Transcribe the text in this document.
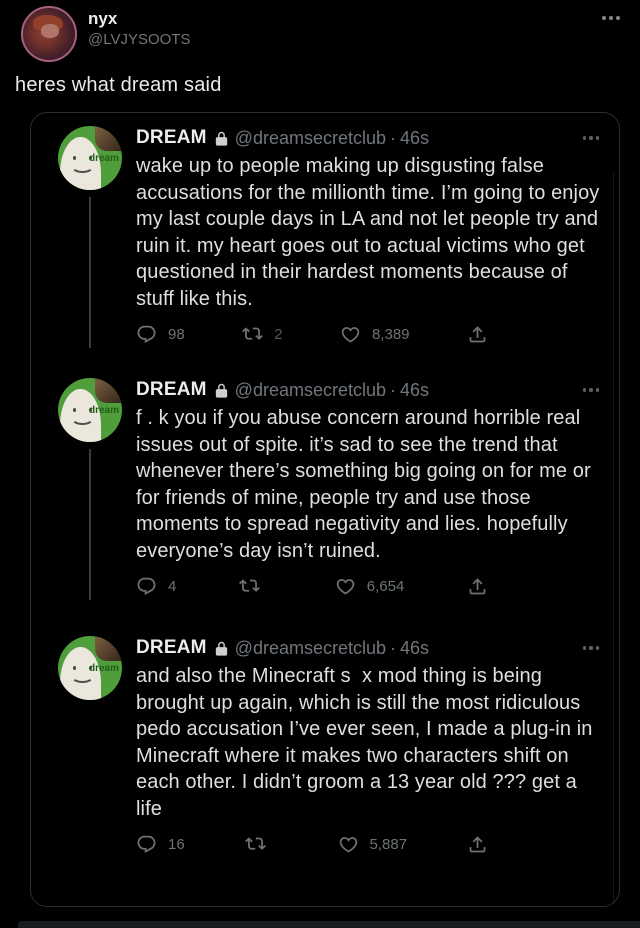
nyx
@LVJYSOOTS
heres what dream said
dream
DREAM @dreamsecretclub · 46s
wake up to people making up disgusting false accusations for the millionth time. I’m going to enjoy my last couple days in LA and not let people try and ruin it. my heart goes out to actual victims who get questioned in their hardest moments because of stuff like this.
98	2	8,389
dream
DREAM @dreamsecretclub · 46s
f . k you if you abuse concern around horrible real issues out of spite. it’s sad to see the trend that whenever there’s something big going on for me or for friends of mine, people try and use those moments to spread negativity and lies. hopefully everyone’s day isn’t ruined.
4	6,654
dream
DREAM @dreamsecretclub · 46s
and also the Minecraft s  x mod thing is being brought up again, which is still the most ridiculous pedo accusation I’ve ever seen, I made a plug-in in Minecraft where it makes two characters shift on each other. I didn’t groom a 13 year old ??? get a life
16	5,887
